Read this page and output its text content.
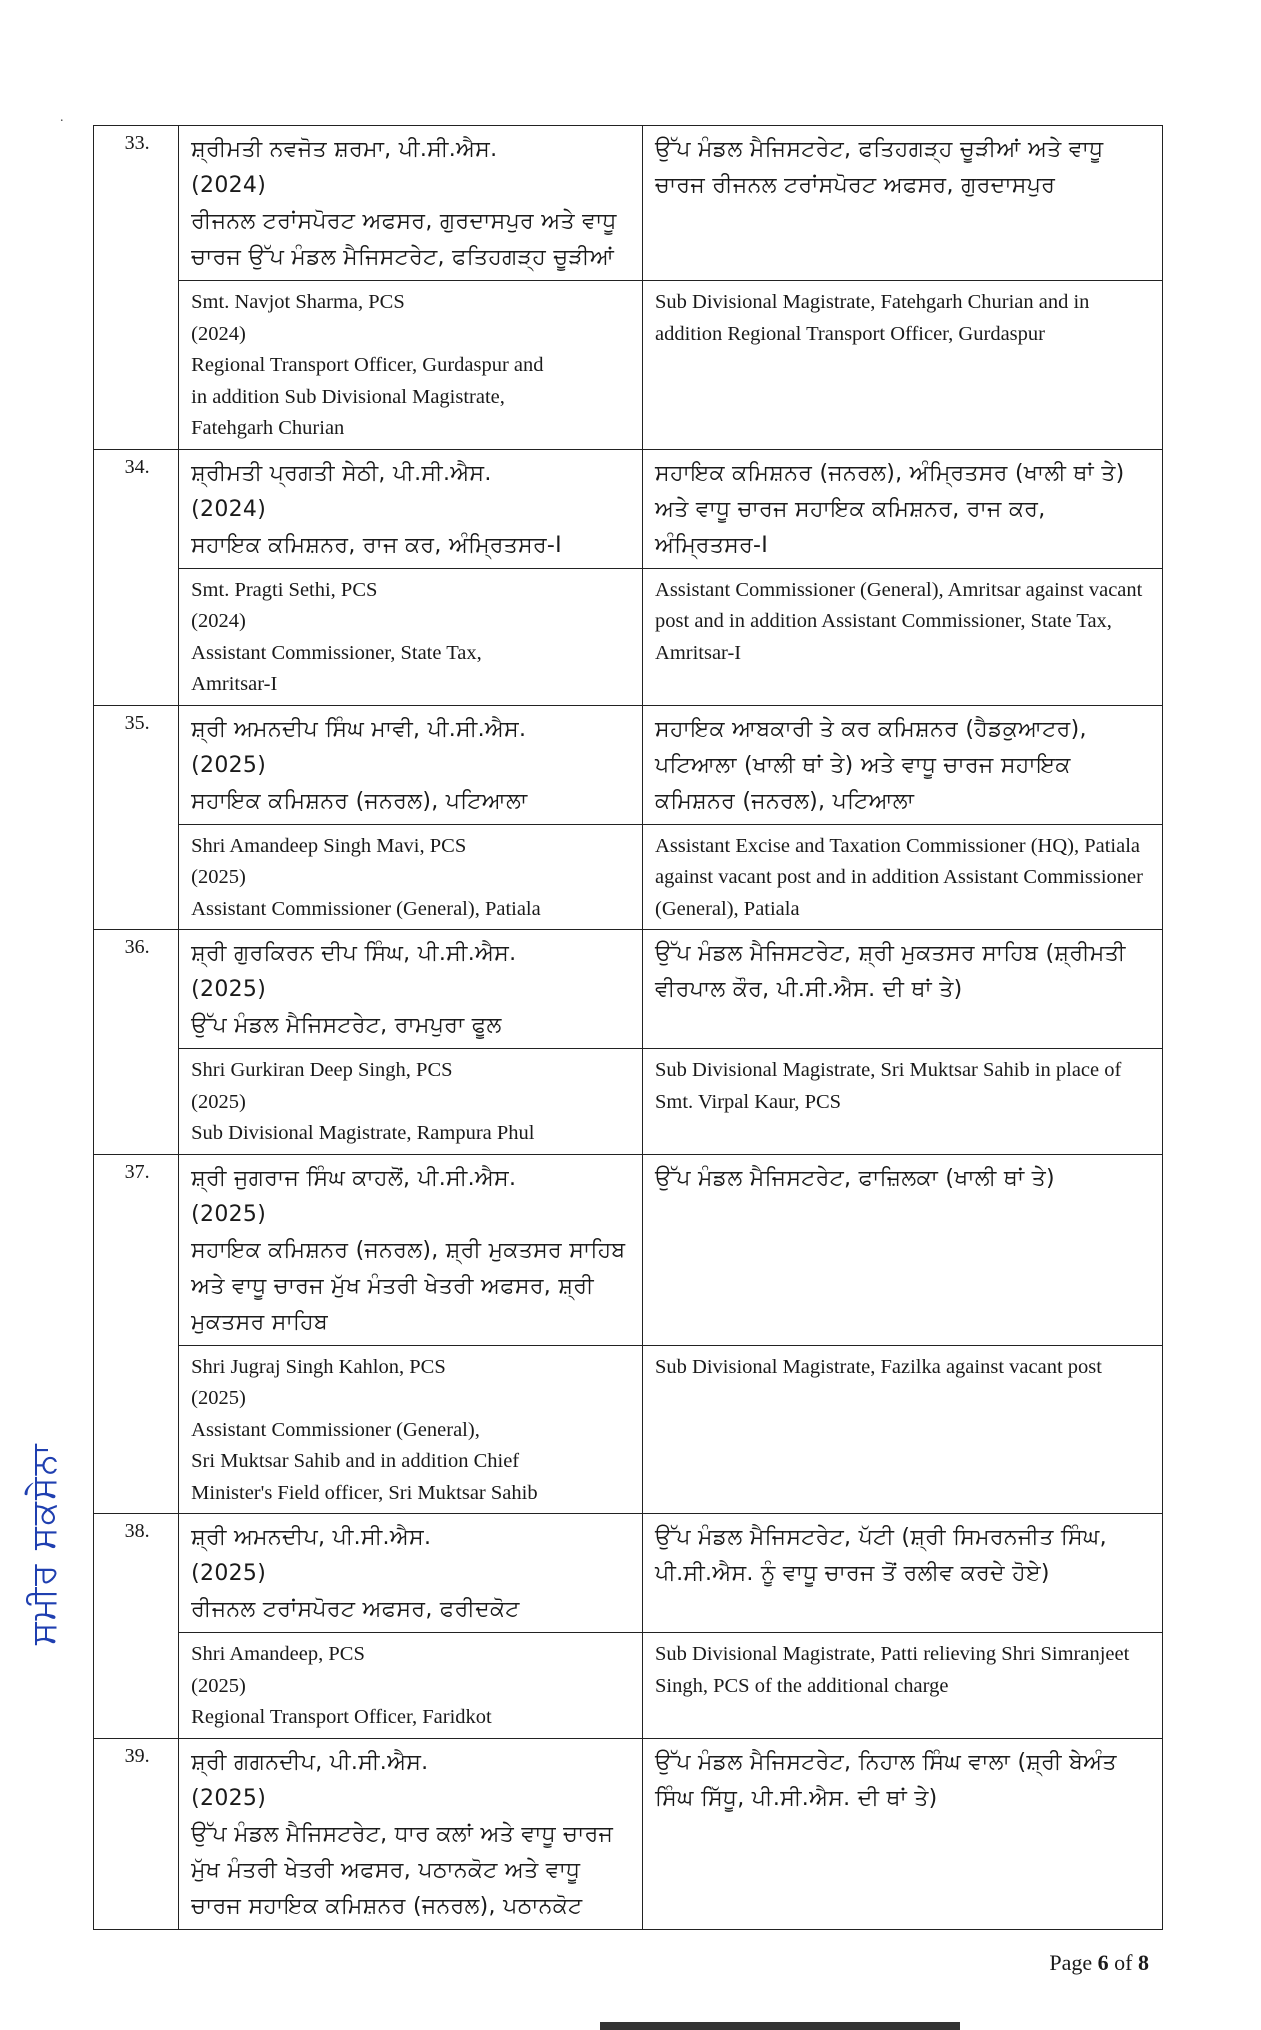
.
33.	ਸ਼੍ਰੀਮਤੀ ਨਵਜੋਤ ਸ਼ਰਮਾ, ਪੀ.ਸੀ.ਐਸ.
(2024)
ਰੀਜਨਲ ਟਰਾਂਸਪੋਰਟ ਅਫਸਰ, ਗੁਰਦਾਸਪੁਰ ਅਤੇ ਵਾਧੂ
ਚਾਰਜ ਉੱਪ ਮੰਡਲ ਮੈਜਿਸਟਰੇਟ, ਫਤਿਹਗੜ੍ਹ ਚੂੜੀਆਂ	ਉੱਪ ਮੰਡਲ ਮੈਜਿਸਟਰੇਟ, ਫਤਿਹਗੜ੍ਹ ਚੂੜੀਆਂ ਅਤੇ ਵਾਧੂ ਚਾਰਜ ਰੀਜਨਲ ਟਰਾਂਸਪੋਰਟ ਅਫਸਰ, ਗੁਰਦਾਸਪੁਰ

	Smt. Navjot Sharma, PCS
(2024)
Regional Transport Officer, Gurdaspur and
in addition Sub Divisional Magistrate,
Fatehgarh Churian	Sub Divisional Magistrate, Fatehgarh Churian and in addition Regional Transport Officer, Gurdaspur
34.	ਸ਼੍ਰੀਮਤੀ ਪ੍ਰਗਤੀ ਸੇਠੀ, ਪੀ.ਸੀ.ਐਸ.
(2024)
ਸਹਾਇਕ ਕਮਿਸ਼ਨਰ, ਰਾਜ ਕਰ, ਅੰਮ੍ਰਿਤਸਰ-I	ਸਹਾਇਕ ਕਮਿਸ਼ਨਰ (ਜਨਰਲ), ਅੰਮ੍ਰਿਤਸਰ (ਖਾਲੀ ਥਾਂ ਤੇ) ਅਤੇ ਵਾਧੂ ਚਾਰਜ ਸਹਾਇਕ ਕਮਿਸ਼ਨਰ, ਰਾਜ ਕਰ, ਅੰਮ੍ਰਿਤਸਰ-I

	Smt. Pragti Sethi, PCS
(2024)
Assistant Commissioner, State Tax,
Amritsar-I	Assistant Commissioner (General), Amritsar against vacant post and in addition Assistant Commissioner, State Tax, Amritsar-I
35.	ਸ਼੍ਰੀ ਅਮਨਦੀਪ ਸਿੰਘ ਮਾਵੀ, ਪੀ.ਸੀ.ਐਸ.
(2025)
ਸਹਾਇਕ ਕਮਿਸ਼ਨਰ (ਜਨਰਲ), ਪਟਿਆਲਾ	ਸਹਾਇਕ ਆਬਕਾਰੀ ਤੇ ਕਰ ਕਮਿਸ਼ਨਰ (ਹੈਡਕੁਆਟਰ), ਪਟਿਆਲਾ (ਖਾਲੀ ਥਾਂ ਤੇ) ਅਤੇ ਵਾਧੂ ਚਾਰਜ ਸਹਾਇਕ ਕਮਿਸ਼ਨਰ (ਜਨਰਲ), ਪਟਿਆਲਾ

	Shri Amandeep Singh Mavi, PCS
(2025)
Assistant Commissioner (General), Patiala	Assistant Excise and Taxation Commissioner (HQ), Patiala against vacant post and in addition Assistant Commissioner (General), Patiala
36.	ਸ਼੍ਰੀ ਗੁਰਕਿਰਨ ਦੀਪ ਸਿੰਘ, ਪੀ.ਸੀ.ਐਸ.
(2025)
ਉੱਪ ਮੰਡਲ ਮੈਜਿਸਟਰੇਟ, ਰਾਮਪੁਰਾ ਫੂਲ	ਉੱਪ ਮੰਡਲ ਮੈਜਿਸਟਰੇਟ, ਸ਼੍ਰੀ ਮੁਕਤਸਰ ਸਾਹਿਬ (ਸ਼੍ਰੀਮਤੀ ਵੀਰਪਾਲ ਕੌਰ, ਪੀ.ਸੀ.ਐਸ. ਦੀ ਥਾਂ ਤੇ)

	Shri Gurkiran Deep Singh, PCS
(2025)
Sub Divisional Magistrate, Rampura Phul	Sub Divisional Magistrate, Sri Muktsar Sahib in place of Smt. Virpal Kaur, PCS
37.	ਸ਼੍ਰੀ ਜੁਗਰਾਜ ਸਿੰਘ ਕਾਹਲੋਂ, ਪੀ.ਸੀ.ਐਸ.
(2025)
ਸਹਾਇਕ ਕਮਿਸ਼ਨਰ (ਜਨਰਲ), ਸ਼੍ਰੀ ਮੁਕਤਸਰ ਸਾਹਿਬ
ਅਤੇ ਵਾਧੂ ਚਾਰਜ ਮੁੱਖ ਮੰਤਰੀ ਖੇਤਰੀ ਅਫਸਰ, ਸ਼੍ਰੀ
ਮੁਕਤਸਰ ਸਾਹਿਬ	ਉੱਪ ਮੰਡਲ ਮੈਜਿਸਟਰੇਟ, ਫਾਜ਼ਿਲਕਾ (ਖਾਲੀ ਥਾਂ ਤੇ)

	Shri Jugraj Singh Kahlon, PCS
(2025)
Assistant Commissioner (General),
Sri Muktsar Sahib and in addition Chief
Minister's Field officer, Sri Muktsar Sahib	Sub Divisional Magistrate, Fazilka against vacant post
38.	ਸ਼੍ਰੀ ਅਮਨਦੀਪ, ਪੀ.ਸੀ.ਐਸ.
(2025)
ਰੀਜਨਲ ਟਰਾਂਸਪੋਰਟ ਅਫਸਰ, ਫਰੀਦਕੋਟ	ਉੱਪ ਮੰਡਲ ਮੈਜਿਸਟਰੇਟ, ਪੱਟੀ (ਸ਼੍ਰੀ ਸਿਮਰਨਜੀਤ ਸਿੰਘ, ਪੀ.ਸੀ.ਐਸ. ਨੂੰ ਵਾਧੂ ਚਾਰਜ ਤੋਂ ਰਲੀਵ ਕਰਦੇ ਹੋਏ)

	Shri Amandeep, PCS
(2025)
Regional Transport Officer, Faridkot	Sub Divisional Magistrate, Patti relieving Shri Simranjeet Singh, PCS of the additional charge
39.	ਸ਼੍ਰੀ ਗਗਨਦੀਪ, ਪੀ.ਸੀ.ਐਸ.
(2025)
ਉੱਪ ਮੰਡਲ ਮੈਜਿਸਟਰੇਟ, ਧਾਰ ਕਲਾਂ ਅਤੇ ਵਾਧੂ ਚਾਰਜ
ਮੁੱਖ ਮੰਤਰੀ ਖੇਤਰੀ ਅਫਸਰ, ਪਠਾਨਕੋਟ ਅਤੇ ਵਾਧੂ
ਚਾਰਜ ਸਹਾਇਕ ਕਮਿਸ਼ਨਰ (ਜਨਰਲ), ਪਠਾਨਕੋਟ	ਉੱਪ ਮੰਡਲ ਮੈਜਿਸਟਰੇਟ, ਨਿਹਾਲ ਸਿੰਘ ਵਾਲਾ (ਸ਼੍ਰੀ ਬੇਅੰਤ ਸਿੰਘ ਸਿੱਧੂ, ਪੀ.ਸੀ.ਐਸ. ਦੀ ਥਾਂ ਤੇ)
ਸਮੀਰ ਸਕਸੇਨਾ
Page 6 of 8
